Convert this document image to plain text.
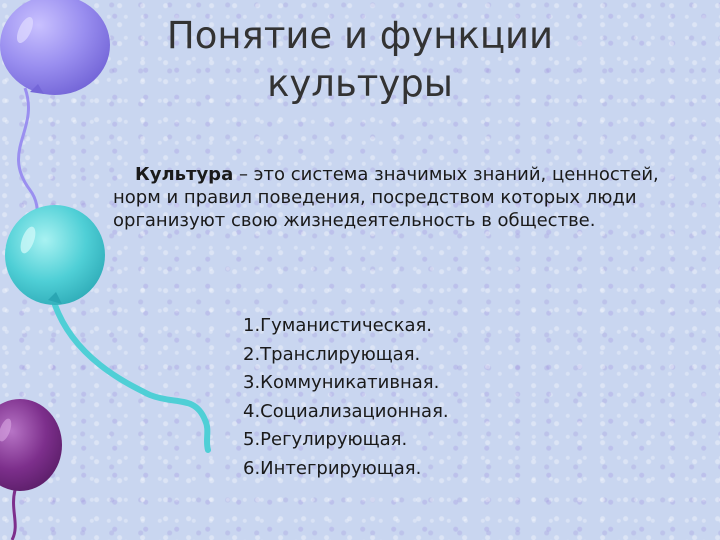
Понятие и функции
культуры

Культура – это система значимых знаний, ценностей, норм и правил поведения, посредством которых люди организуют свою жизнедеятельность в обществе.

1.Гуманистическая.
2.Транслирующая.
3.Коммуникативная.
4.Социализационная.
5.Регулирующая.
6.Интегрирующая.
